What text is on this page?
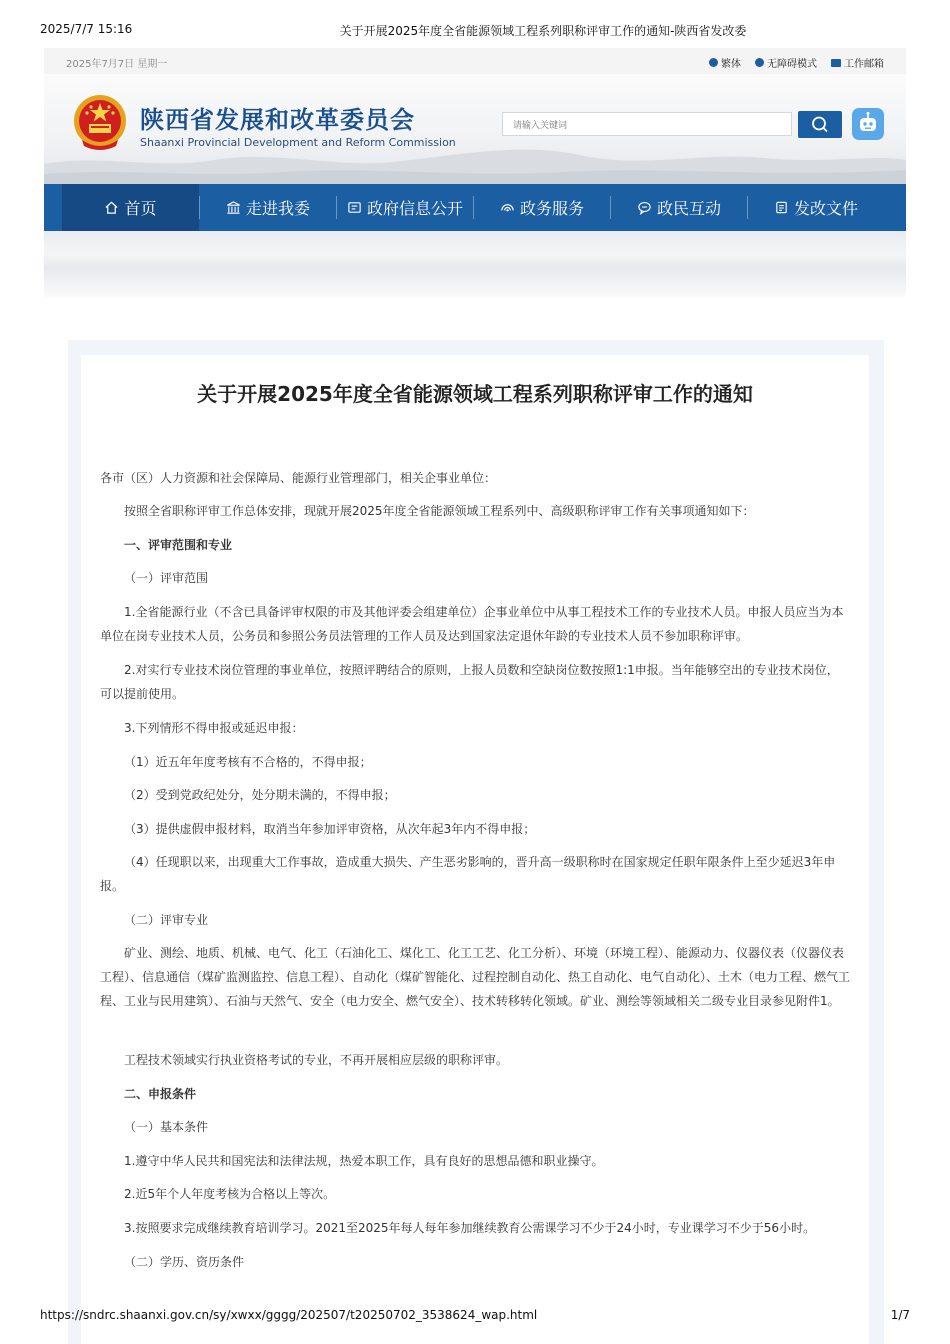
2025/7/7 15:16	关于开展2025年度全省能源领域工程系列职称评审工作的通知-陕西省发改委
2025年7月7日 星期一	繁体	无障碍模式	工作邮箱
陕西省发展和改革委员会
Shaanxi Provincial Development and Reform Commission
请输入关键词
首页	走进我委	政府信息公开	政务服务	政民互动	发改文件
关于开展2025年度全省能源领域工程系列职称评审工作的通知

各市（区）人力资源和社会保障局、能源行业管理部门，相关企事业单位：

按照全省职称评审工作总体安排，现就开展2025年度全省能源领域工程系列中、高级职称评审工作有关事项通知如下：

一、评审范围和专业

（一）评审范围

1.全省能源行业（不含已具备评审权限的市及其他评委会组建单位）企事业单位中从事工程技术工作的专业技术人员。申报人员应当为本单位在岗专业技术人员，公务员和参照公务员法管理的工作人员及达到国家法定退休年龄的专业技术人员不参加职称评审。

2.对实行专业技术岗位管理的事业单位，按照评聘结合的原则，上报人员数和空缺岗位数按照1:1申报。当年能够空出的专业技术岗位，可以提前使用。

3.下列情形不得申报或延迟申报：

（1）近五年年度考核有不合格的，不得申报；

（2）受到党政纪处分，处分期未满的，不得申报；

（3）提供虚假申报材料，取消当年参加评审资格，从次年起3年内不得申报；

（4）任现职以来，出现重大工作事故，造成重大损失、产生恶劣影响的，晋升高一级职称时在国家规定任职年限条件上至少延迟3年申报。

（二）评审专业

矿业、测绘、地质、机械、电气、化工（石油化工、煤化工、化工工艺、化工分析）、环境（环境工程）、能源动力、仪器仪表（仪器仪表工程）、信息通信（煤矿监测监控、信息工程）、自动化（煤矿智能化、过程控制自动化、热工自动化、电气自动化）、土木（电力工程、燃气工程、工业与民用建筑）、石油与天然气、安全（电力安全、燃气安全）、技术转移转化领域。矿业、测绘等领域相关二级专业目录参见附件1。

工程技术领域实行执业资格考试的专业，不再开展相应层级的职称评审。

二、申报条件

（一）基本条件

1.遵守中华人民共和国宪法和法律法规，热爱本职工作，具有良好的思想品德和职业操守。

2.近5年个人年度考核为合格以上等次。

3.按照要求完成继续教育培训学习。2021至2025年每人每年参加继续教育公需课学习不少于24小时，专业课学习不少于56小时。

（二）学历、资历条件

https://sndrc.shaanxi.gov.cn/sy/xwxx/gggg/202507/t20250702_3538624_wap.html	1/7
